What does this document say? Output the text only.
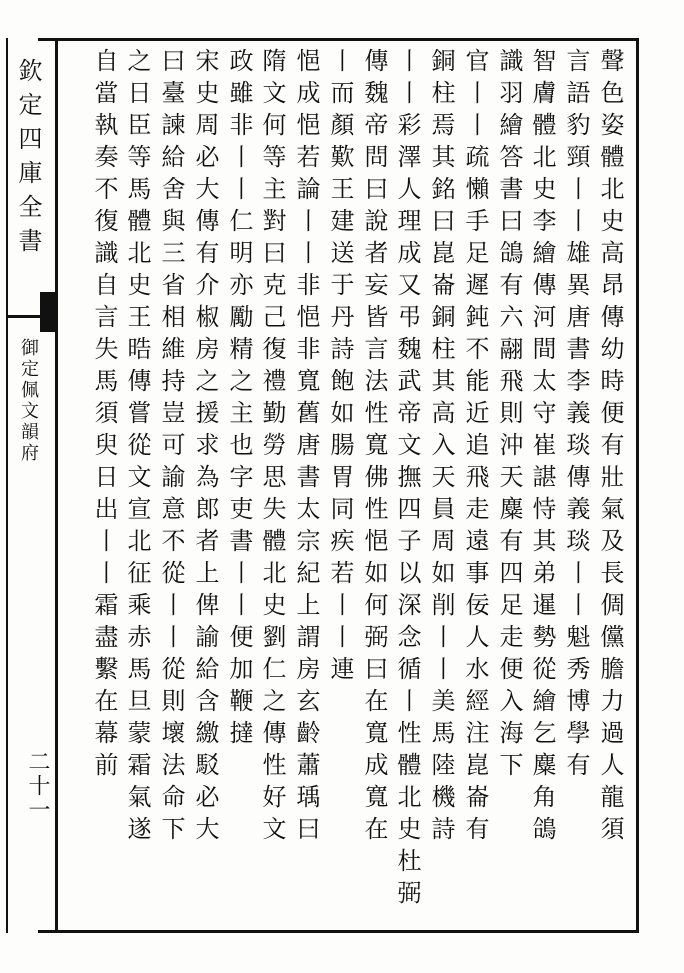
欽定四庫全書
御定佩文韻府
二十一	聲色姿體北史高昂傳幼時便有壯氣及長倜儻膽力過人龍須
言語豹頸丨丨雄異唐書李義琰傳義琰丨丨魁秀博學有
智膚體北史李繪傳河間太守崔諶恃其弟暹勢從繪乞麋角鴿
識羽繪答書曰鴿有六翮飛則沖天麋有四足走便入海下
官丨丨疏懶手足遲鈍不能近追飛走遠事佞人水經注崑崙有
銅柱焉其銘曰崑崙銅柱其高入天員周如削丨丨美馬陸機詩
丨丨彩澤人理成又弔魏武帝文撫四子以深念循丨性體北史杜弼
傳魏帝問曰說者妄皆言法性寬佛性悒如何弼曰在寬成寬在
丨而顏歎王建送于丹詩飽如腸胃同疾若丨丨連
悒成悒若論丨丨非悒非寬舊唐書太宗紀上謂房玄齡蕭瑀曰
隋文何等主對曰克己復禮勤勞思失體北史劉仁之傳性好文
政雖非丨丨仁明亦勵精之主也字吏書丨丨便加鞭撻
宋史周必大傳有介椒房之援求為郎者上俾諭給含繳駁必大
曰臺諫給舍與三省相維持豈可諭意不從丨丨從則壞法命下
之日臣等馬體北史王晧傳嘗從文宣北征乘赤馬旦蒙霜氣遂
自當執奏不復識自言失馬須臾日出丨丨霜盡繫在幕前
